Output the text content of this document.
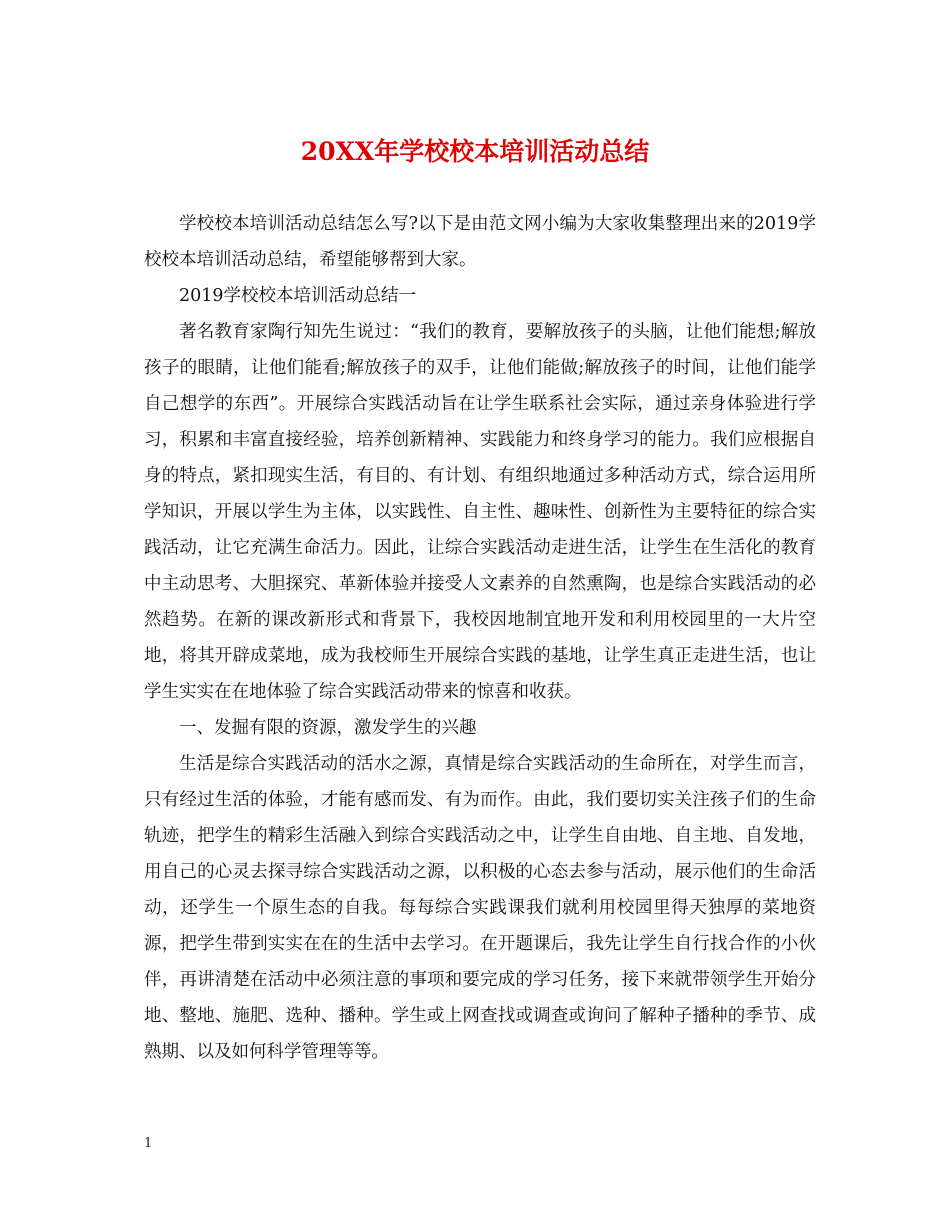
20XX年学校校本培训活动总结

学校校本培训活动总结怎么写?以下是由范文网小编为大家收集整理出来的2019学校校本培训活动总结，希望能够帮到大家。

2019学校校本培训活动总结一

著名教育家陶行知先生说过：“我们的教育，要解放孩子的头脑，让他们能想;解放孩子的眼睛，让他们能看;解放孩子的双手，让他们能做;解放孩子的时间，让他们能学自己想学的东西”。开展综合实践活动旨在让学生联系社会实际，通过亲身体验进行学习，积累和丰富直接经验，培养创新精神、实践能力和终身学习的能力。我们应根据自身的特点，紧扣现实生活，有目的、有计划、有组织地通过多种活动方式，综合运用所学知识，开展以学生为主体，以实践性、自主性、趣味性、创新性为主要特征的综合实践活动，让它充满生命活力。因此，让综合实践活动走进生活，让学生在生活化的教育中主动思考、大胆探究、革新体验并接受人文素养的自然熏陶，也是综合实践活动的必然趋势。在新的课改新形式和背景下，我校因地制宜地开发和利用校园里的一大片空地，将其开辟成菜地，成为我校师生开展综合实践的基地，让学生真正走进生活，也让学生实实在在地体验了综合实践活动带来的惊喜和收获。

一、发掘有限的资源，激发学生的兴趣

生活是综合实践活动的活水之源，真情是综合实践活动的生命所在，对学生而言，只有经过生活的体验，才能有感而发、有为而作。由此，我们要切实关注孩子们的生命轨迹，把学生的精彩生活融入到综合实践活动之中，让学生自由地、自主地、自发地，用自己的心灵去探寻综合实践活动之源，以积极的心态去参与活动，展示他们的生命活动，还学生一个原生态的自我。每每综合实践课我们就利用校园里得天独厚的菜地资源，把学生带到实实在在的生活中去学习。在开题课后，我先让学生自行找合作的小伙伴，再讲清楚在活动中必须注意的事项和要完成的学习任务，接下来就带领学生开始分地、整地、施肥、选种、播种。学生或上网查找或调查或询问了解种子播种的季节、成熟期、以及如何科学管理等等。

1
